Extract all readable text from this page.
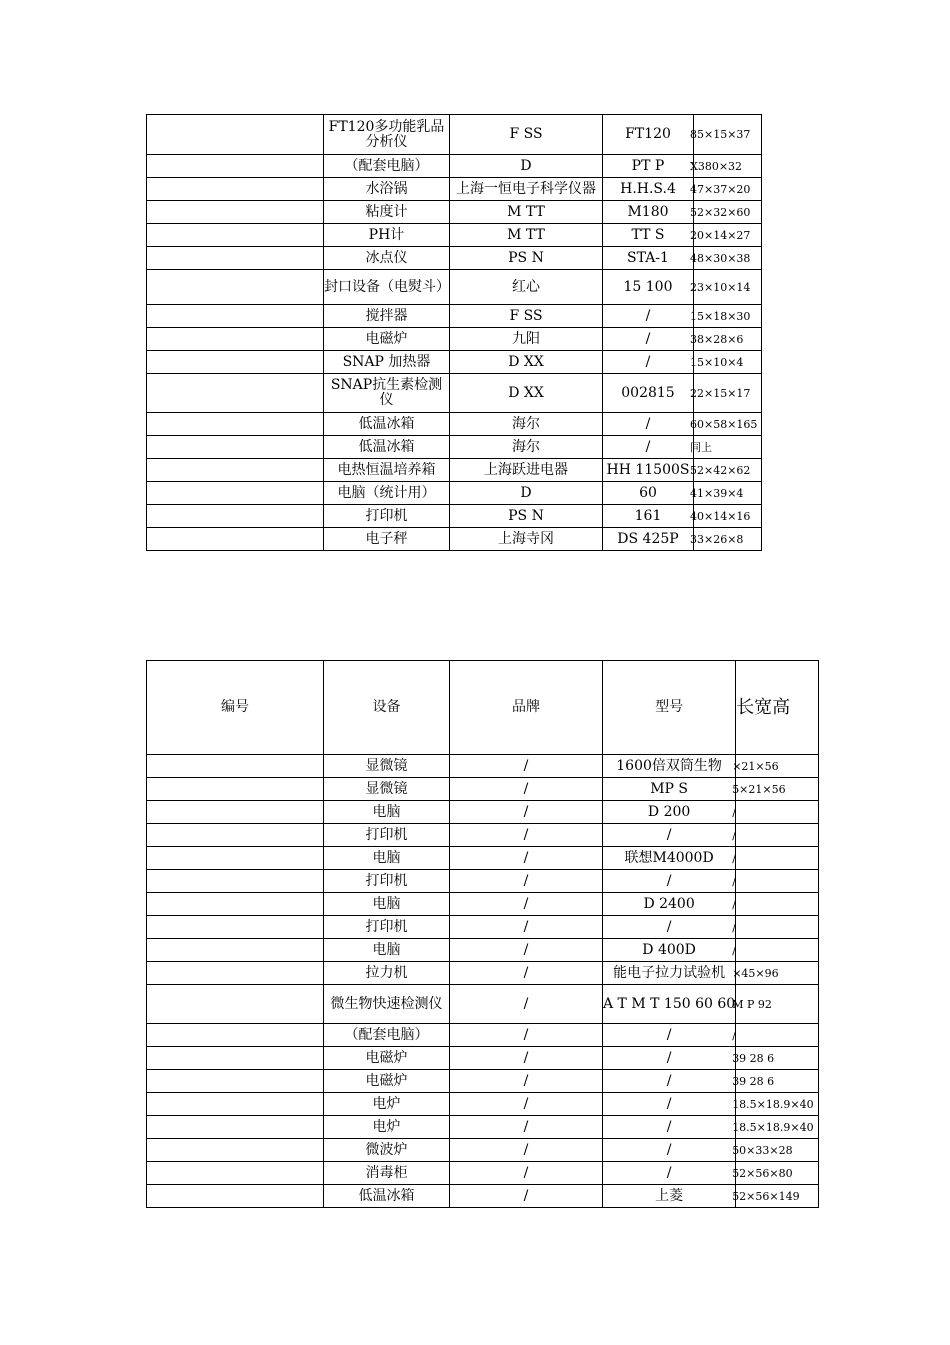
	FT120多功能乳品分析仪	F SS	FT120	85×15×37
	（配套电脑）	D	PT P	X380×32
	水浴锅	上海一恒电子科学仪器	H.H.S.4	47×37×20
	粘度计	M TT	M180	52×32×60
	PH计	M TT	TT S	20×14×27
	冰点仪	PS N	STA-1	48×30×38
	封口设备（电熨斗）	红心	15 100	23×10×14
	搅拌器	F SS	/	15×18×30
	电磁炉	九阳	/	38×28×6
	SNAP 加热器	D XX	/	15×10×4
	SNAP抗生素检测仪	D XX	002815	22×15×17
	低温冰箱	海尔	/	60×58×165
	低温冰箱	海尔	/	同上
	电热恒温培养箱	上海跃进电器	HH 11500S	52×42×62
	电脑（统计用）	D	60	41×39×4
	打印机	PS N	161	40×14×16
	电子秤	上海寺冈	DS 425P	33×26×8
编号	设备	品牌	型号	长宽高
	显微镜	/	1600倍双筒生物	×21×56
	显微镜	/	MP S	5×21×56
	电脑	/	D 200	/
	打印机	/	/	/
	电脑	/	联想M4000D	/
	打印机	/	/	/
	电脑	/	D 2400	/
	打印机	/	/	/
	电脑	/	D 400D	/
	拉力机	/	能电子拉力试验机	×45×96
	微生物快速检测仪	/	A T M T 150 60 60	M P 92
	（配套电脑）	/	/	/
	电磁炉	/	/	39 28 6
	电磁炉	/	/	39 28 6
	电炉	/	/	18.5×18.9×40
	电炉	/	/	18.5×18.9×40
	微波炉	/	/	50×33×28
	消毒柜	/	/	52×56×80
	低温冰箱	/	上菱	52×56×149
